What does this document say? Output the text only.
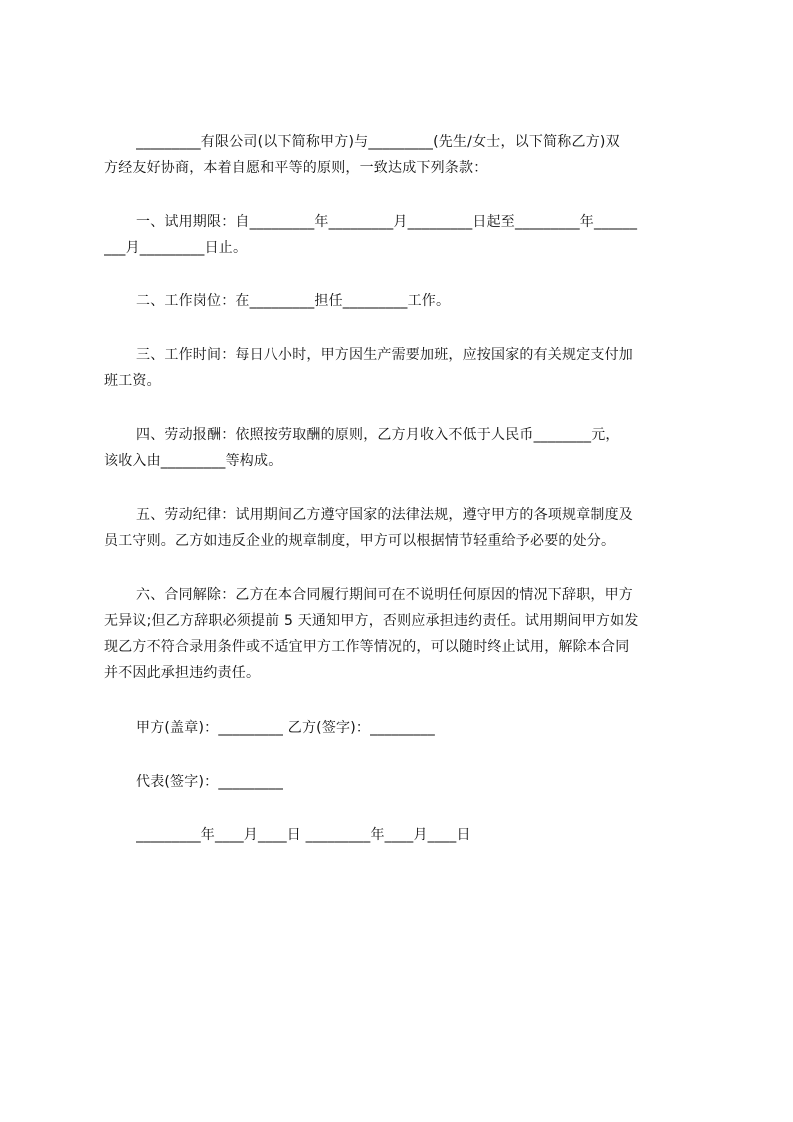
_________有限公司(以下简称甲方)与_________(先生/女士，以下简称乙方)双
方经友好协商，本着自愿和平等的原则，一致达成下列条款：
一、试用期限：自_________年_________月_________日起至_________年______
___月_________日止。
二、工作岗位：在_________担任_________工作。
三、工作时间：每日八小时，甲方因生产需要加班，应按国家的有关规定支付加
班工资。
四、劳动报酬：依照按劳取酬的原则，乙方月收入不低于人民币________元，
该收入由_________等构成。
五、劳动纪律：试用期间乙方遵守国家的法律法规，遵守甲方的各项规章制度及
员工守则。乙方如违反企业的规章制度，甲方可以根据情节轻重给予必要的处分。
六、合同解除：乙方在本合同履行期间可在不说明任何原因的情况下辞职，甲方
无异议;但乙方辞职必须提前 5 天通知甲方，否则应承担违约责任。试用期间甲方如发
现乙方不符合录用条件或不适宜甲方工作等情况的，可以随时终止试用，解除本合同
并不因此承担违约责任。
甲方(盖章)：_________ 乙方(签字)：_________
代表(签字)：_________
_________年____月____日 _________年____月____日
